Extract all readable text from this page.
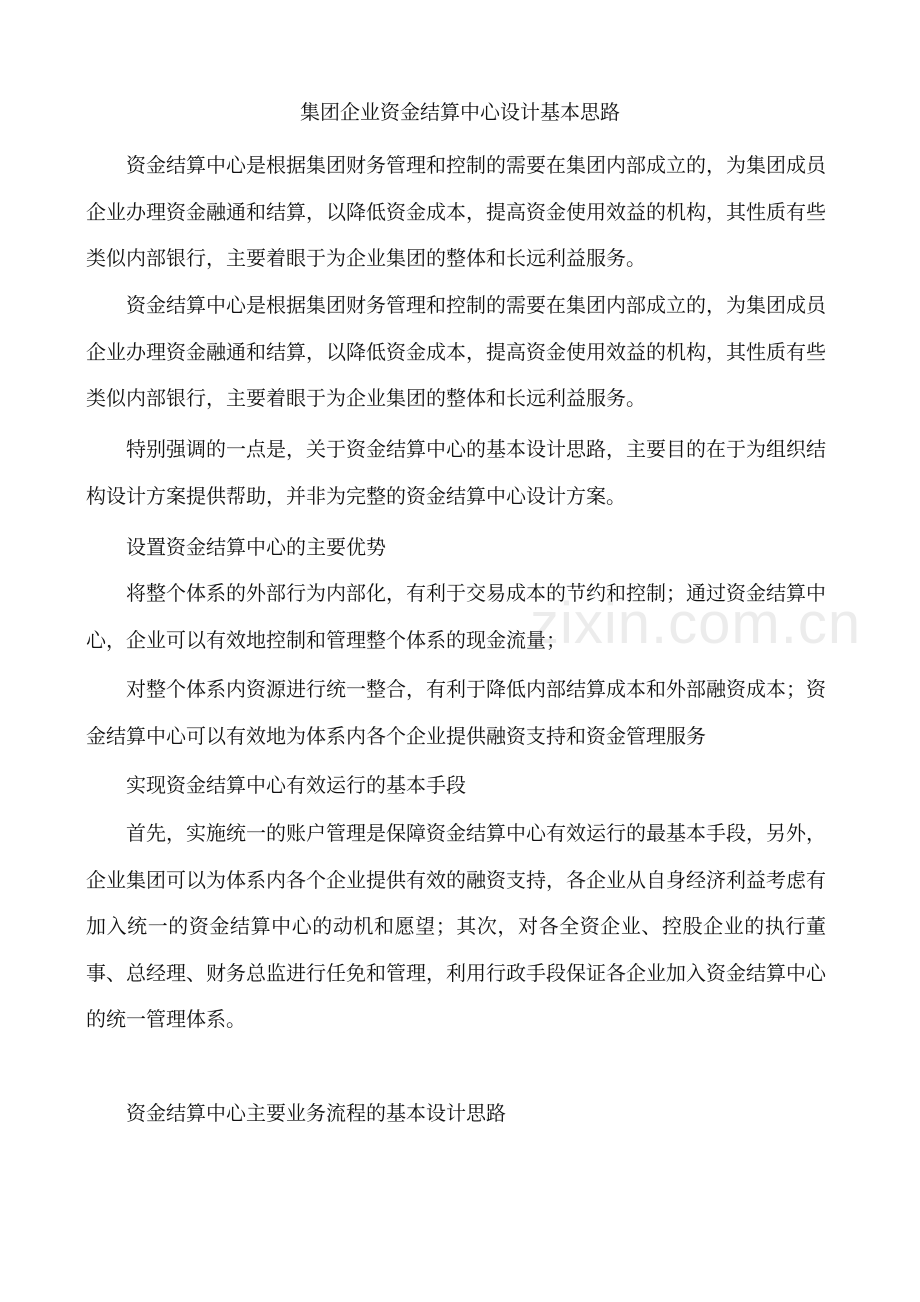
集团企业资金结算中心设计基本思路
资金结算中心是根据集团财务管理和控制的需要在集团内部成立的，为集团成员企业办理资金融通和结算，以降低资金成本，提高资金使用效益的机构，其性质有些类似内部银行，主要着眼于为企业集团的整体和长远利益服务。
资金结算中心是根据集团财务管理和控制的需要在集团内部成立的，为集团成员企业办理资金融通和结算，以降低资金成本，提高资金使用效益的机构，其性质有些类似内部银行，主要着眼于为企业集团的整体和长远利益服务。
特别强调的一点是，关于资金结算中心的基本设计思路，主要目的在于为组织结构设计方案提供帮助，并非为完整的资金结算中心设计方案。
设置资金结算中心的主要优势
将整个体系的外部行为内部化，有利于交易成本的节约和控制；通过资金结算中心，企业可以有效地控制和管理整个体系的现金流量；
对整个体系内资源进行统一整合，有利于降低内部结算成本和外部融资成本；资金结算中心可以有效地为体系内各个企业提供融资支持和资金管理服务
实现资金结算中心有效运行的基本手段
首先，实施统一的账户管理是保障资金结算中心有效运行的最基本手段，另外，企业集团可以为体系内各个企业提供有效的融资支持，各企业从自身经济利益考虑有加入统一的资金结算中心的动机和愿望；其次，对各全资企业、控股企业的执行董事、总经理、财务总监进行任免和管理，利用行政手段保证各企业加入资金结算中心的统一管理体系。
资金结算中心主要业务流程的基本设计思路
zixin.com.cn
